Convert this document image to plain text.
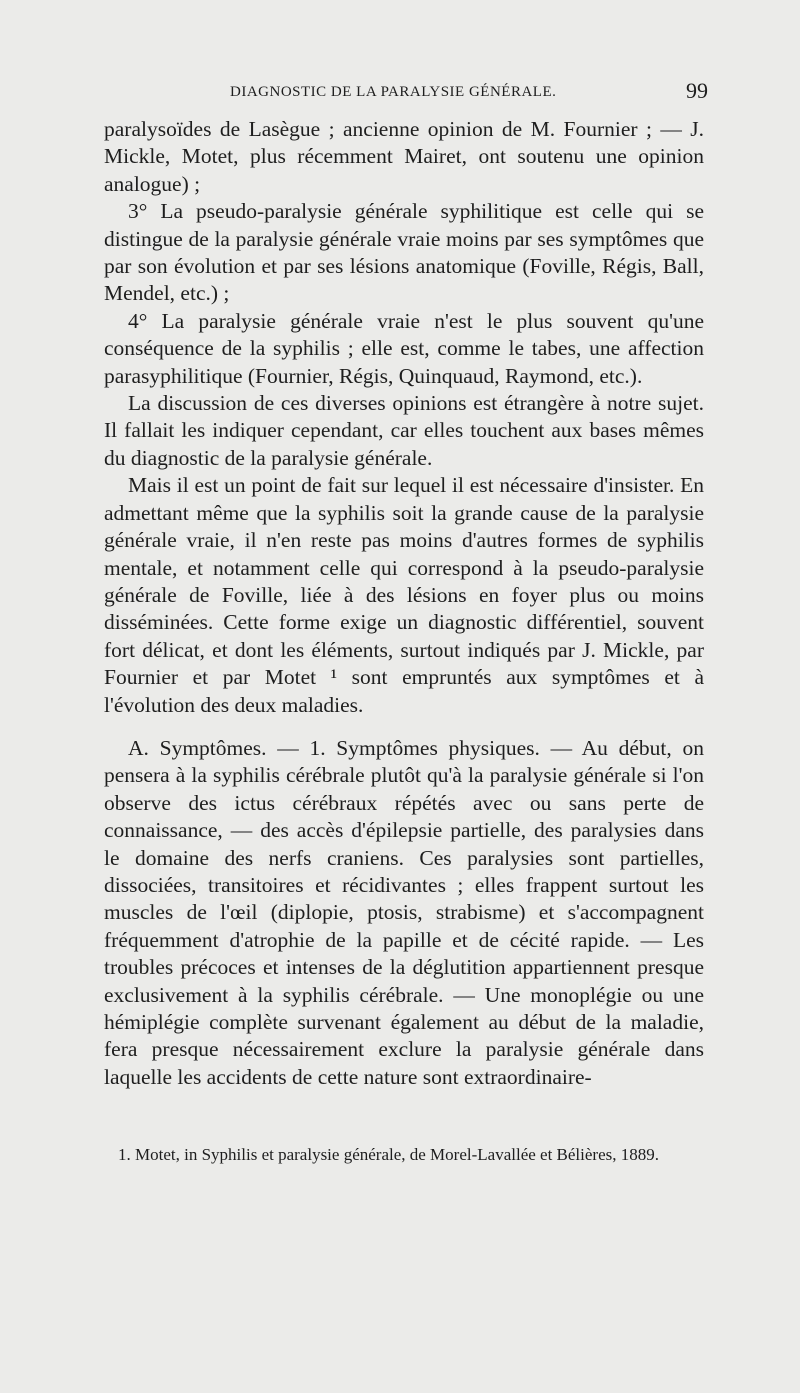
DIAGNOSTIC DE LA PARALYSIE GÉNÉRALE.	99

paralysoïdes de Lasègue ; ancienne opinion de M. Fournier ; — J. Mickle, Motet, plus récemment Mairet, ont soutenu une opinion analogue) ;

3° La pseudo-paralysie générale syphilitique est celle qui se distingue de la paralysie générale vraie moins par ses symptômes que par son évolution et par ses lésions anatomique (Foville, Régis, Ball, Mendel, etc.) ;

4° La paralysie générale vraie n'est le plus souvent qu'une conséquence de la syphilis ; elle est, comme le tabes, une affection parasyphilitique (Fournier, Régis, Quinquaud, Raymond, etc.).

La discussion de ces diverses opinions est étrangère à notre sujet. Il fallait les indiquer cependant, car elles touchent aux bases mêmes du diagnostic de la paralysie générale.

Mais il est un point de fait sur lequel il est nécessaire d'insister. En admettant même que la syphilis soit la grande cause de la paralysie générale vraie, il n'en reste pas moins d'autres formes de syphilis mentale, et notamment celle qui correspond à la pseudo-paralysie générale de Foville, liée à des lésions en foyer plus ou moins disséminées. Cette forme exige un diagnostic différentiel, souvent fort délicat, et dont les éléments, surtout indiqués par J. Mickle, par Fournier et par Motet ¹ sont empruntés aux symptômes et à l'évolution des deux maladies.

A. Symptômes. — 1. Symptômes physiques. — Au début, on pensera à la syphilis cérébrale plutôt qu'à la paralysie générale si l'on observe des ictus cérébraux répétés avec ou sans perte de connaissance, — des accès d'épilepsie partielle, des paralysies dans le domaine des nerfs craniens. Ces paralysies sont partielles, dissociées, transitoires et récidivantes ; elles frappent surtout les muscles de l'œil (diplopie, ptosis, strabisme) et s'accompagnent fréquemment d'atrophie de la papille et de cécité rapide. — Les troubles précoces et intenses de la déglutition appartiennent presque exclusivement à la syphilis cérébrale. — Une monoplégie ou une hémiplégie complète survenant également au début de la maladie, fera presque nécessairement exclure la paralysie générale dans laquelle les accidents de cette nature sont extraordinaire-

1. Motet, in Syphilis et paralysie générale, de Morel-Lavallée et Bélières, 1889.
